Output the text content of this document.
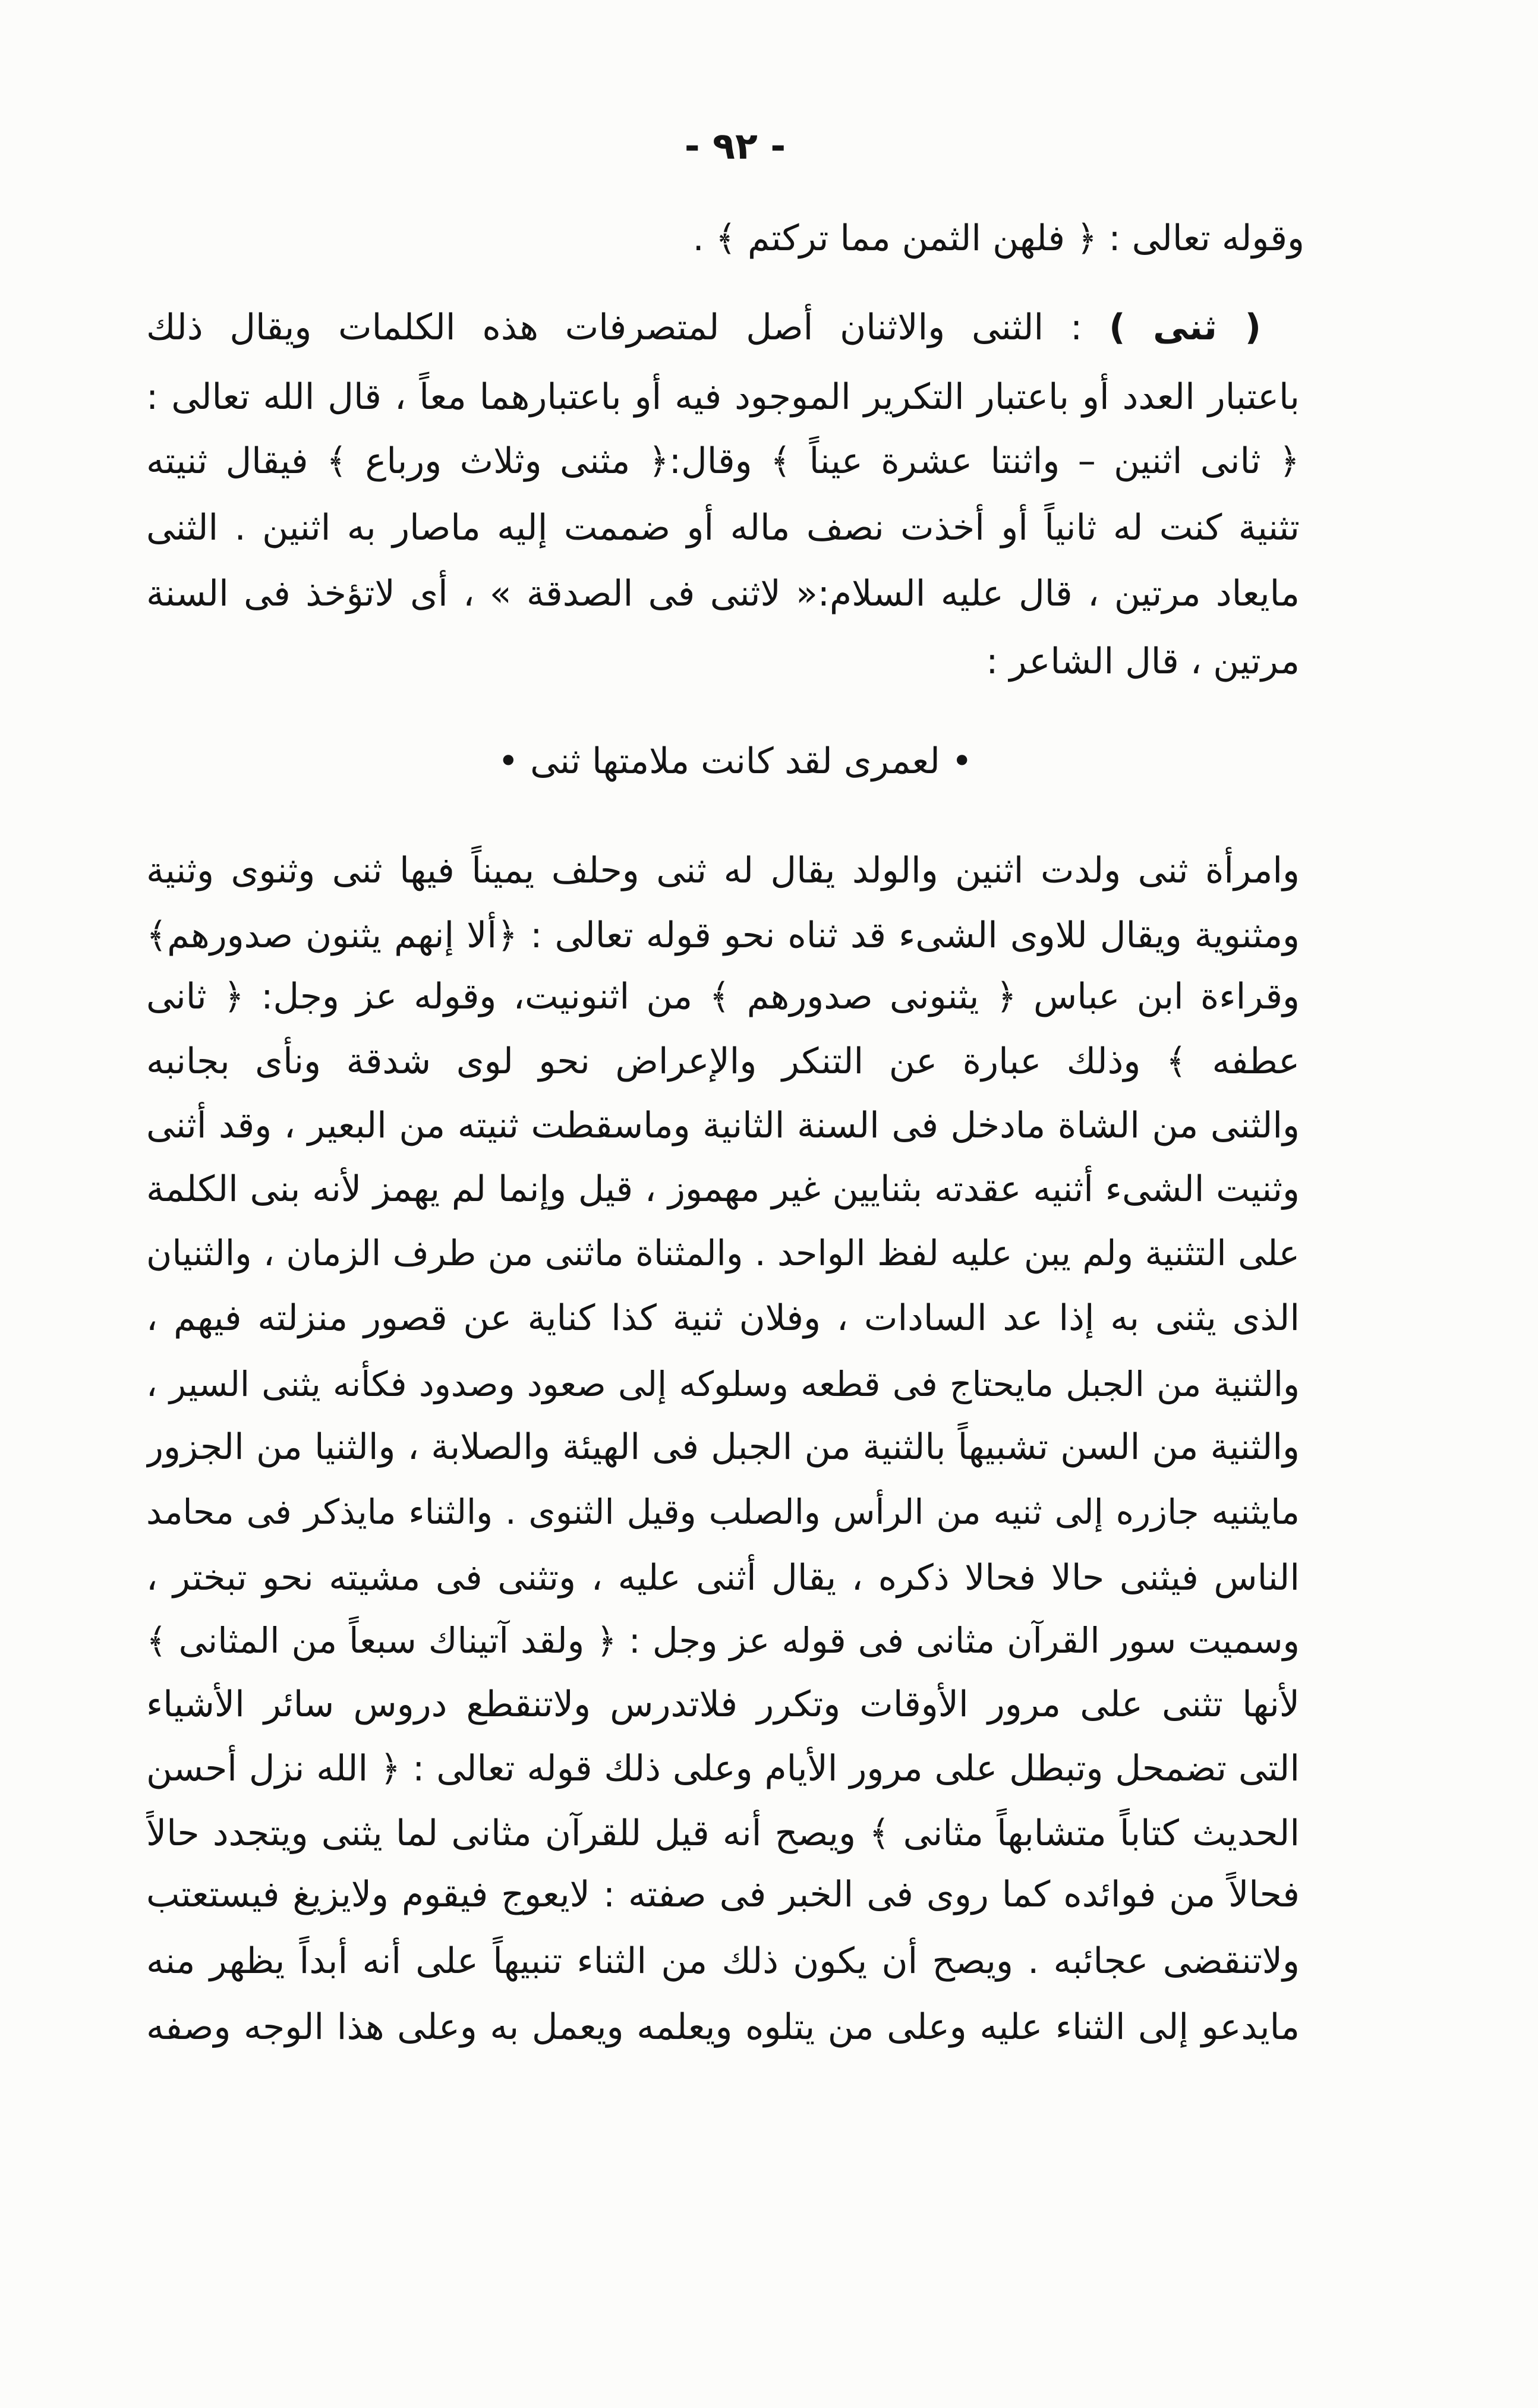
- ٩٢ -
وقوله تعالى : ﴿ فلهن الثمن مما تركتم ﴾ .
( ثنى ) : الثنى والاثنان أصل لمتصرفات هذه الكلمات ويقال ذلك
باعتبار العدد أو باعتبار التكرير الموجود فيه أو باعتبارهما معاً ، قال الله تعالى :
﴿ ثانى اثنين – واثنتا عشرة عيناً ﴾ وقال:﴿ مثنى وثلاث ورباع ﴾ فيقال ثنيته
تثنية كنت له ثانياً أو أخذت نصف ماله أو ضممت إليه ماصار به اثنين . الثنى
مايعاد مرتين ، قال عليه السلام:« لاثنى فى الصدقة » ، أى لاتؤخذ فى السنة
مرتين ، قال الشاعر :
• لعمرى لقد كانت ملامتها ثنى •
وامرأة ثنى ولدت اثنين والولد يقال له ثنى وحلف يميناً فيها ثنى وثنوى وثنية
ومثنوية ويقال للاوى الشىء قد ثناه نحو قوله تعالى : ﴿ألا إنهم يثنون صدورهم﴾
وقراءة ابن عباس ﴿ يثنونى صدورهم ﴾ من اثنونيت، وقوله عز وجل: ﴿ ثانى
عطفه ﴾ وذلك عبارة عن التنكر والإعراض نحو لوى شدقة ونأى بجانبه
والثنى من الشاة مادخل فى السنة الثانية وماسقطت ثنيته من البعير ، وقد أثنى
وثنيت الشىء أثنيه عقدته بثنايين غير مهموز ، قيل وإنما لم يهمز لأنه بنى الكلمة
على التثنية ولم يبن عليه لفظ الواحد . والمثناة ماثنى من طرف الزمان ، والثنيان
الذى يثنى به إذا عد السادات ، وفلان ثنية كذا كناية عن قصور منزلته فيهم ،
والثنية من الجبل مايحتاج فى قطعه وسلوكه إلى صعود وصدود فكأنه يثنى السير ،
والثنية من السن تشبيهاً بالثنية من الجبل فى الهيئة والصلابة ، والثنيا من الجزور
مايثنيه جازره إلى ثنيه من الرأس والصلب وقيل الثنوى . والثناء مايذكر فى محامد
الناس فيثنى حالا فحالا ذكره ، يقال أثنى عليه ، وتثنى فى مشيته نحو تبختر ،
وسميت سور القرآن مثانى فى قوله عز وجل : ﴿ ولقد آتيناك سبعاً من المثانى ﴾
لأنها تثنى على مرور الأوقات وتكرر فلاتدرس ولاتنقطع دروس سائر الأشياء
التى تضمحل وتبطل على مرور الأيام وعلى ذلك قوله تعالى : ﴿ الله نزل أحسن
الحديث كتاباً متشابهاً مثانى ﴾ ويصح أنه قيل للقرآن مثانى لما يثنى ويتجدد حالاً
فحالاً من فوائده كما روى فى الخبر فى صفته : لايعوج فيقوم ولايزيغ فيستعتب
ولاتنقضى عجائبه . ويصح أن يكون ذلك من الثناء تنبيهاً على أنه أبداً يظهر منه
مايدعو إلى الثناء عليه وعلى من يتلوه ويعلمه ويعمل به وعلى هذا الوجه وصفه
